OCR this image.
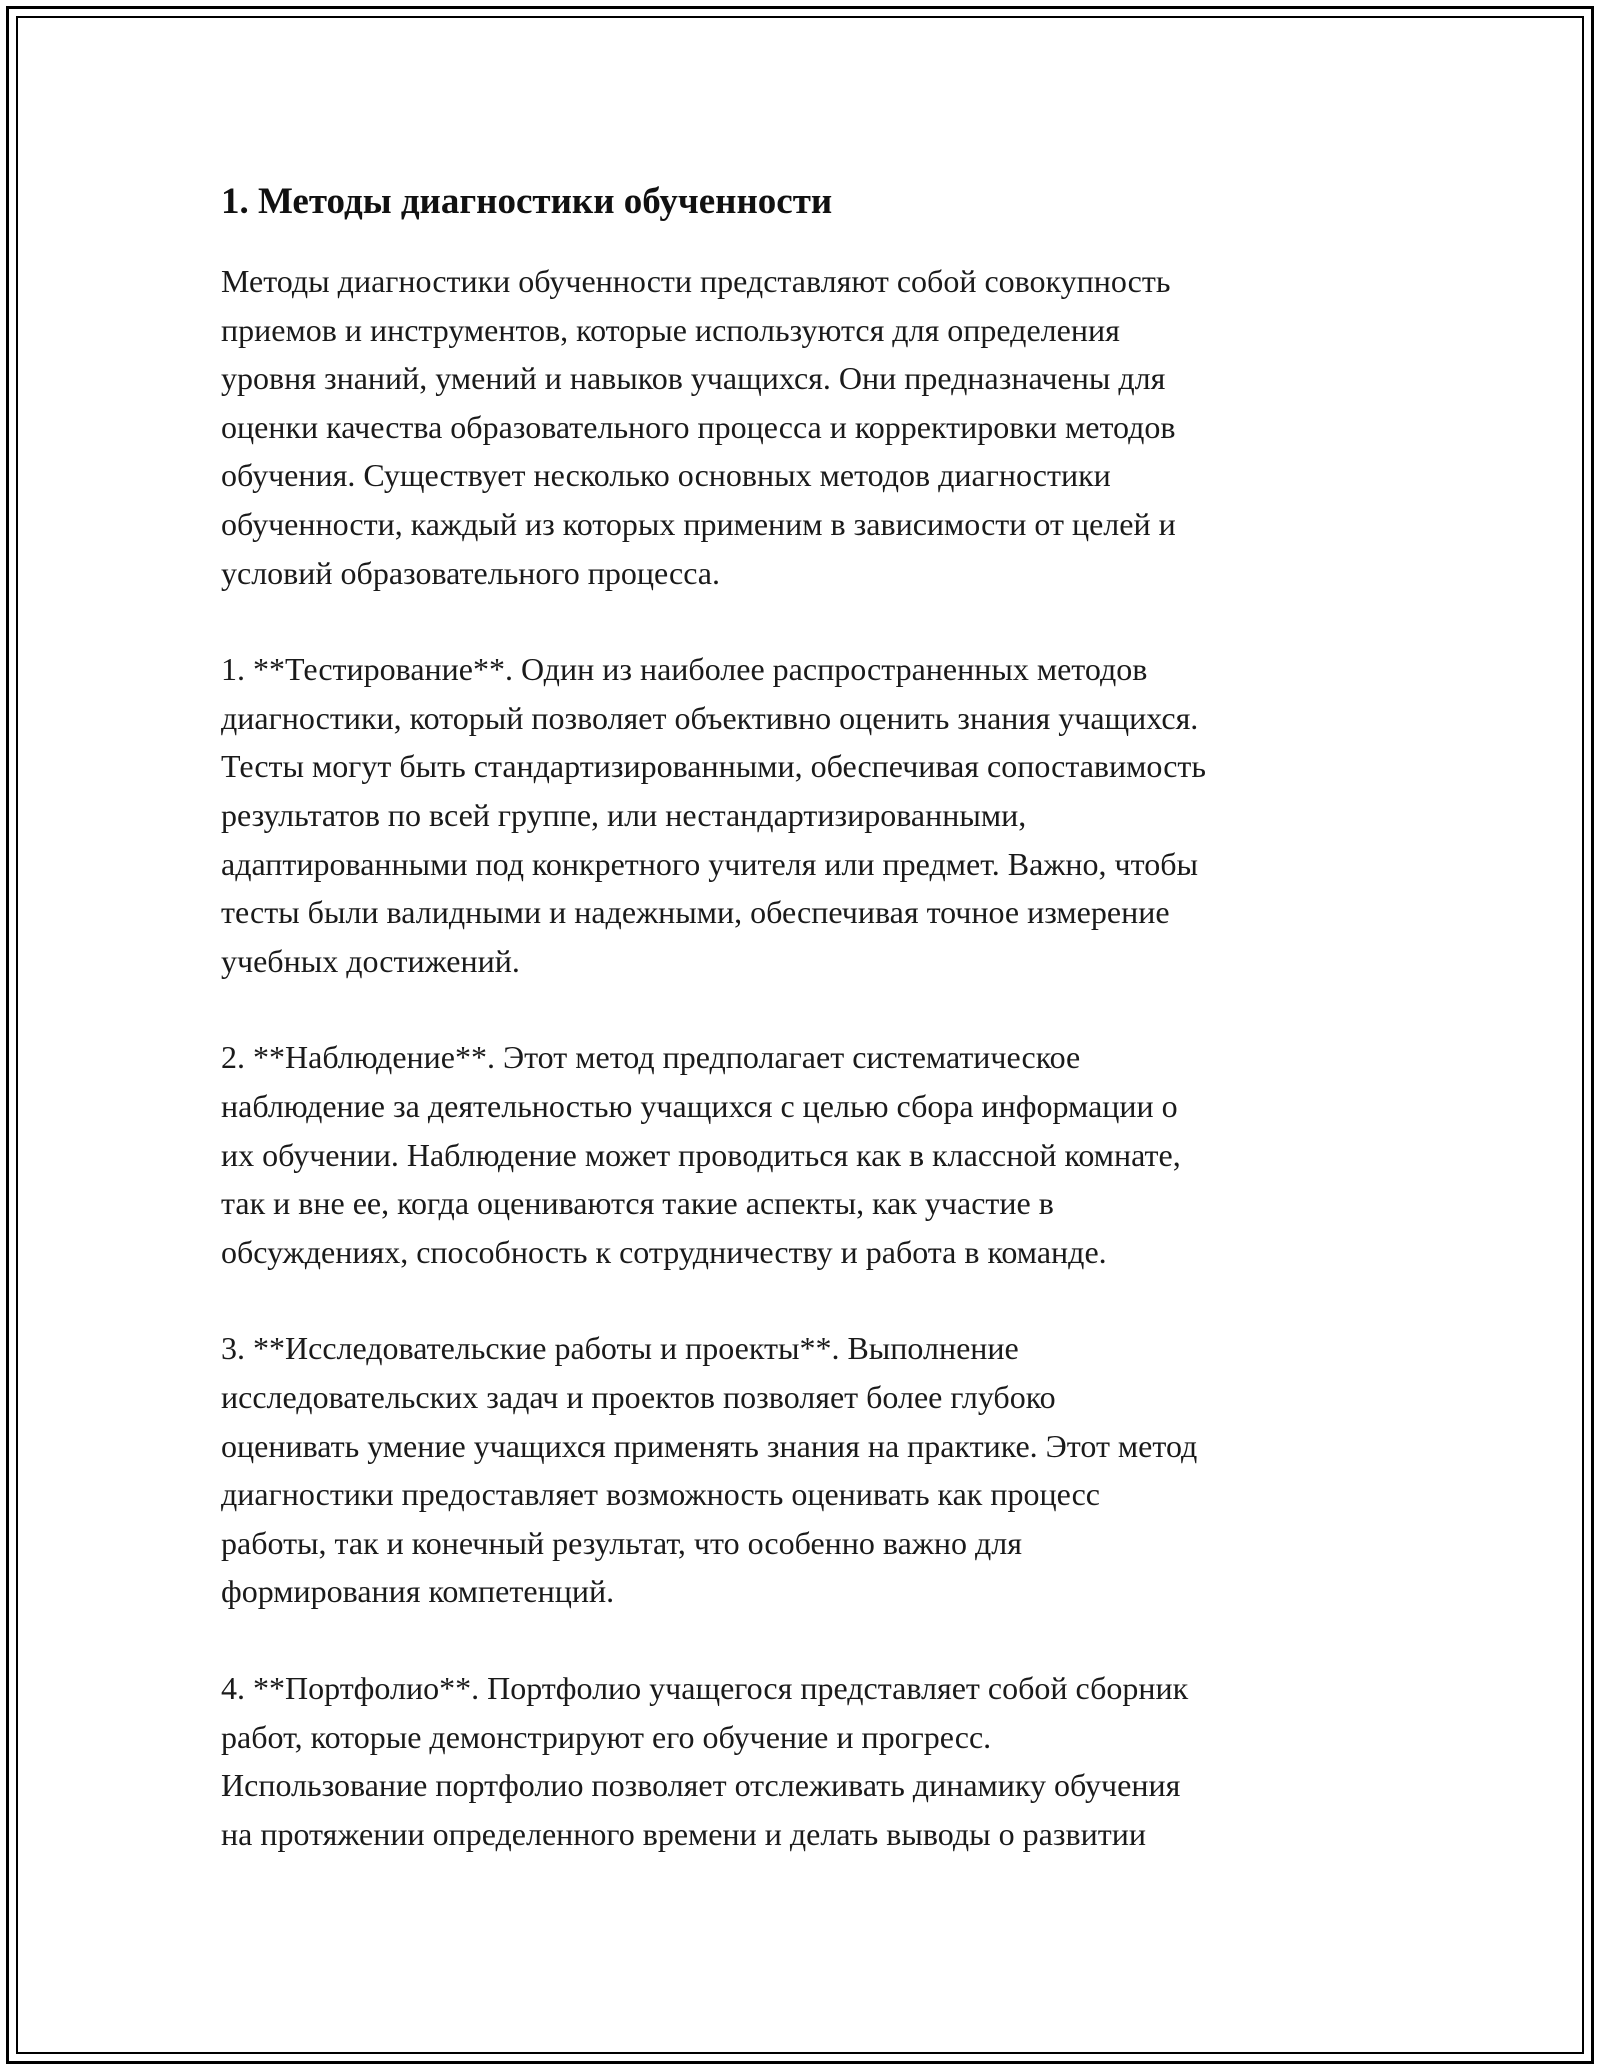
1. Методы диагностики обученности

Методы диагностики обученности представляют собой совокупность
приемов и инструментов, которые используются для определения
уровня знаний, умений и навыков учащихся. Они предназначены для
оценки качества образовательного процесса и корректировки методов
обучения. Существует несколько основных методов диагностики
обученности, каждый из которых применим в зависимости от целей и
условий образовательного процесса.

1. **Тестирование**. Один из наиболее распространенных методов
диагностики, который позволяет объективно оценить знания учащихся.
Тесты могут быть стандартизированными, обеспечивая сопоставимость
результатов по всей группе, или нестандартизированными,
адаптированными под конкретного учителя или предмет. Важно, чтобы
тесты были валидными и надежными, обеспечивая точное измерение
учебных достижений.

2. **Наблюдение**. Этот метод предполагает систематическое
наблюдение за деятельностью учащихся с целью сбора информации о
их обучении. Наблюдение может проводиться как в классной комнате,
так и вне ее, когда оцениваются такие аспекты, как участие в
обсуждениях, способность к сотрудничеству и работа в команде.

3. **Исследовательские работы и проекты**. Выполнение
исследовательских задач и проектов позволяет более глубоко
оценивать умение учащихся применять знания на практике. Этот метод
диагностики предоставляет возможность оценивать как процесс
работы, так и конечный результат, что особенно важно для
формирования компетенций.

4. **Портфолио**. Портфолио учащегося представляет собой сборник
работ, которые демонстрируют его обучение и прогресс.
Использование портфолио позволяет отслеживать динамику обучения
на протяжении определенного времени и делать выводы о развитии
